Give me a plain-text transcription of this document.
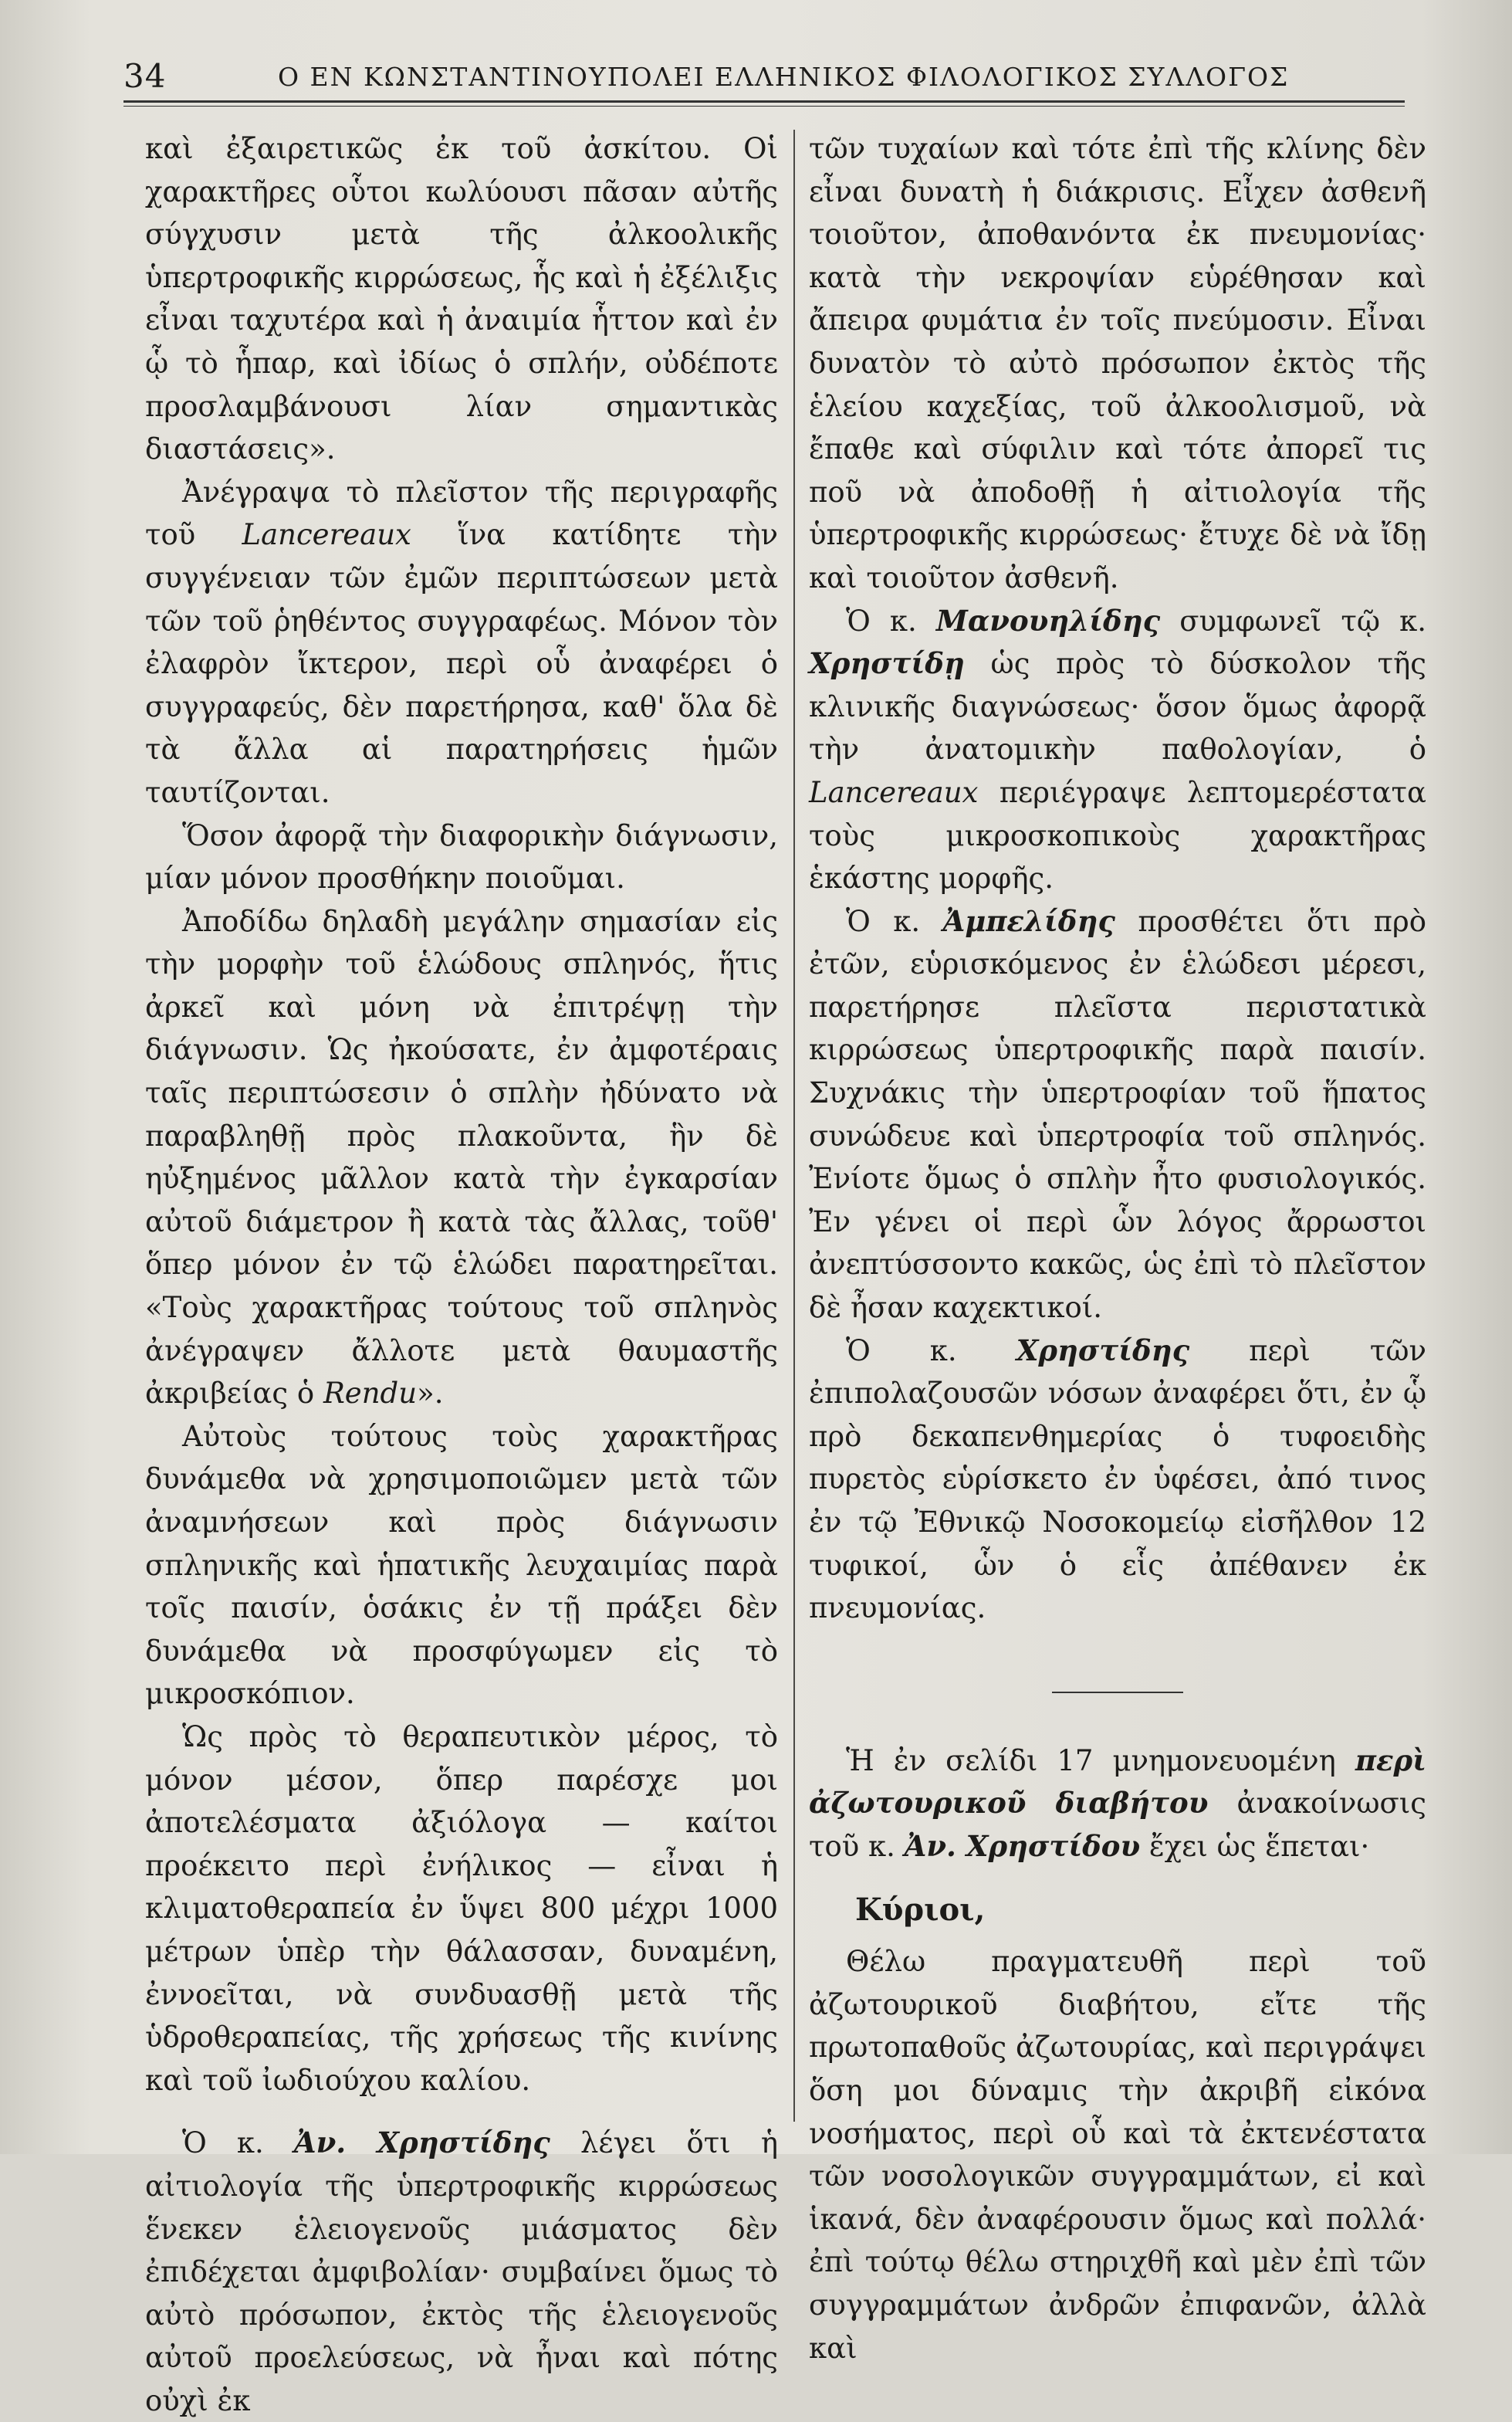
34	Ο ΕΝ ΚΩΝΣΤΑΝΤΙΝΟΥΠΟΛΕΙ ΕΛΛΗΝΙΚΟΣ ΦΙΛΟΛΟΓΙΚΟΣ ΣΥΛΛΟΓΟΣ

καὶ ἐξαιρετικῶς ἐκ τοῦ ἀσκίτου. Οἱ χαρακτῆρες οὗτοι κωλύουσι πᾶσαν αὐτῆς σύγχυσιν μετὰ τῆς ἀλκοολικῆς ὑπερτροφικῆς κιρρώσεως, ἧς καὶ ἡ ἐξέλιξις εἶναι ταχυτέρα καὶ ἡ ἀναιμία ἧττον καὶ ἐν ᾧ τὸ ἧπαρ, καὶ ἰδίως ὁ σπλήν, οὐδέποτε προσλαμβάνουσι λίαν σημαντικὰς διαστάσεις».

Ἀνέγραψα τὸ πλεῖστον τῆς περιγραφῆς τοῦ Lancereaux ἵνα κατίδητε τὴν συγγένειαν τῶν ἐμῶν περιπτώσεων μετὰ τῶν τοῦ ῥηθέντος συγγραφέως. Μόνον τὸν ἐλαφρὸν ἴκτερον, περὶ οὗ ἀναφέρει ὁ συγγραφεύς, δὲν παρετήρησα, καθ' ὅλα δὲ τὰ ἄλλα αἱ παρατηρήσεις ἡμῶν ταυτίζονται.

Ὅσον ἀφορᾷ τὴν διαφορικὴν διάγνωσιν, μίαν μόνον προσθήκην ποιοῦμαι.

Ἀποδίδω δηλαδὴ μεγάλην σημασίαν εἰς τὴν μορφὴν τοῦ ἑλώδους σπληνός, ἥτις ἀρκεῖ καὶ μόνη νὰ ἐπιτρέψῃ τὴν διάγνωσιν. Ὡς ἠκούσατε, ἐν ἀμφοτέραις ταῖς περιπτώσεσιν ὁ σπλὴν ἠδύνατο νὰ παραβληθῇ πρὸς πλακοῦντα, ἣν δὲ ηὐξημένος μᾶλλον κατὰ τὴν ἐγκαρσίαν αὐτοῦ διάμετρον ἢ κατὰ τὰς ἄλλας, τοῦθ' ὅπερ μόνον ἐν τῷ ἑλώδει παρατηρεῖται. «Τοὺς χαρακτῆρας τούτους τοῦ σπληνὸς ἀνέγραψεν ἄλλοτε μετὰ θαυμαστῆς ἀκριβείας ὁ Rendu».

Αὐτοὺς τούτους τοὺς χαρακτῆρας δυνάμεθα νὰ χρησιμοποιῶμεν μετὰ τῶν ἀναμνήσεων καὶ πρὸς διάγνωσιν σπληνικῆς καὶ ἡπατικῆς λευχαιμίας παρὰ τοῖς παισίν, ὁσάκις ἐν τῇ πράξει δὲν δυνάμεθα νὰ προσφύγωμεν εἰς τὸ μικροσκόπιον.

Ὡς πρὸς τὸ θεραπευτικὸν μέρος, τὸ μόνον μέσον, ὅπερ παρέσχε μοι ἀποτελέσματα ἀξιόλογα — καίτοι προέκειτο περὶ ἐνήλικος — εἶναι ἡ κλιματοθεραπεία ἐν ὕψει 800 μέχρι 1000 μέτρων ὑπὲρ τὴν θάλασσαν, δυναμένη, ἐννοεῖται, νὰ συνδυασθῇ μετὰ τῆς ὑδροθεραπείας, τῆς χρήσεως τῆς κινίνης καὶ τοῦ ἰωδιούχου καλίου.

Ὁ κ. Ἀν. Χρηστίδης λέγει ὅτι ἡ αἰτιολογία τῆς ὑπερτροφικῆς κιρρώσεως ἕνεκεν ἑλειογενοῦς μιάσματος δὲν ἐπιδέχεται ἀμφιβολίαν· συμβαίνει ὅμως τὸ αὐτὸ πρόσωπον, ἐκτὸς τῆς ἑλειογενοῦς αὐτοῦ προελεύσεως, νὰ ἦναι καὶ πότης οὐχὶ ἐκ

τῶν τυχαίων καὶ τότε ἐπὶ τῆς κλίνης δὲν εἶναι δυνατὴ ἡ διάκρισις. Εἶχεν ἀσθενῆ τοιοῦτον, ἀποθανόντα ἐκ πνευμονίας· κατὰ τὴν νεκροψίαν εὑρέθησαν καὶ ἄπειρα φυμάτια ἐν τοῖς πνεύμοσιν. Εἶναι δυνατὸν τὸ αὐτὸ πρόσωπον ἐκτὸς τῆς ἑλείου καχεξίας, τοῦ ἀλκοολισμοῦ, νὰ ἔπαθε καὶ σύφιλιν καὶ τότε ἀπορεῖ τις ποῦ νὰ ἀποδοθῇ ἡ αἰτιολογία τῆς ὑπερτροφικῆς κιρρώσεως· ἔτυχε δὲ νὰ ἴδῃ καὶ τοιοῦτον ἀσθενῆ.

Ὁ κ. Μανουηλίδης συμφωνεῖ τῷ κ. Χρηστίδῃ ὡς πρὸς τὸ δύσκολον τῆς κλινικῆς διαγνώσεως· ὅσον ὅμως ἀφορᾷ τὴν ἀνατομικὴν παθολογίαν, ὁ Lancereaux περιέγραψε λεπτομερέστατα τοὺς μικροσκοπικοὺς χαρακτῆρας ἑκάστης μορφῆς.

Ὁ κ. Ἀμπελίδης προσθέτει ὅτι πρὸ ἐτῶν, εὑρισκόμενος ἐν ἑλώδεσι μέρεσι, παρετήρησε πλεῖστα περιστατικὰ κιρρώσεως ὑπερτροφικῆς παρὰ παισίν. Συχνάκις τὴν ὑπερτροφίαν τοῦ ἥπατος συνώδευε καὶ ὑπερτροφία τοῦ σπληνός. Ἐνίοτε ὅμως ὁ σπλὴν ἦτο φυσιολογικός. Ἐν γένει οἱ περὶ ὧν λόγος ἄρρωστοι ἀνεπτύσσοντο κακῶς, ὡς ἐπὶ τὸ πλεῖστον δὲ ἦσαν καχεκτικοί.

Ὁ κ. Χρηστίδης περὶ τῶν ἐπιπολαζουσῶν νόσων ἀναφέρει ὅτι, ἐν ᾧ πρὸ δεκαπενθημερίας ὁ τυφοειδὴς πυρετὸς εὑρίσκετο ἐν ὑφέσει, ἀπό τινος ἐν τῷ Ἐθνικῷ Νοσοκομείῳ εἰσῆλθον 12 τυφικοί, ὧν ὁ εἷς ἀπέθανεν ἐκ πνευμονίας.

Ἡ ἐν σελίδι 17 μνημονευομένη περὶ ἀζωτουρικοῦ διαβήτου ἀνακοίνωσις τοῦ κ. Ἀν. Χρηστίδου ἔχει ὡς ἕπεται·

Κύριοι,

Θέλω πραγματευθῆ περὶ τοῦ ἀζωτουρικοῦ διαβήτου, εἴτε τῆς πρωτοπαθοῦς ἀζωτουρίας, καὶ περιγράψει ὅση μοι δύναμις τὴν ἀκριβῆ εἰκόνα νοσήματος, περὶ οὗ καὶ τὰ ἐκτενέστατα τῶν νοσολογικῶν συγγραμμάτων, εἰ καὶ ἱκανά, δὲν ἀναφέρουσιν ὅμως καὶ πολλά· ἐπὶ τούτῳ θέλω στηριχθῆ καὶ μὲν ἐπὶ τῶν συγγραμμάτων ἀνδρῶν ἐπιφανῶν, ἀλλὰ καὶ
